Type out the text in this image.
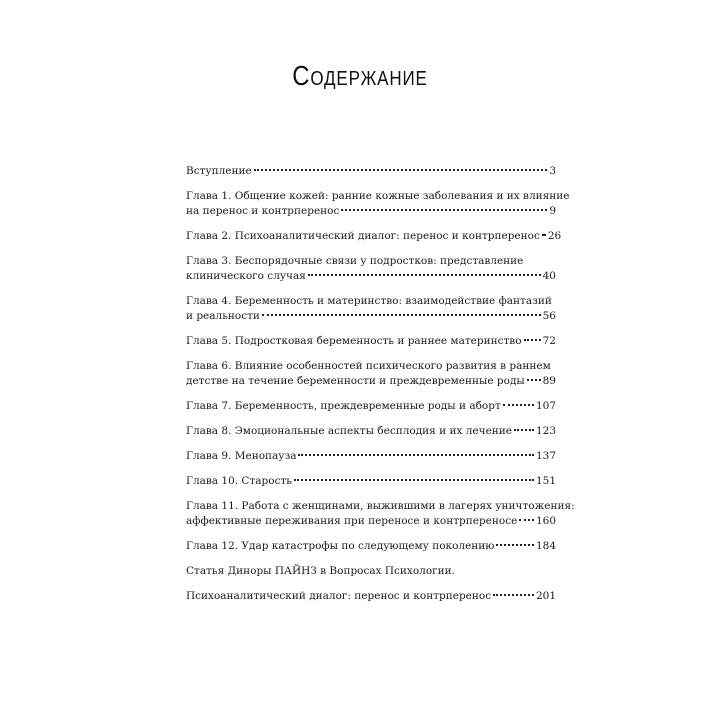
Содержание
Вступление	3
Глава 1. Общение кожей: ранние кожные заболевания и их влияние
на перенос и контрперенос	9
Глава 2. Психоаналитический диалог: перенос и контрперенос 26
Глава 3. Беспорядочные связи у подростков: представление
клинического случая	40
Глава 4. Беременность и материнство: взаимодействие фантазий
и реальности	56
Глава 5. Подростковая беременность и раннее материнство 72
Глава 6. Влияние особенностей психического развития в раннем
детстве на течение беременности и преждевременные роды 89
Глава 7. Беременность, преждевременные роды и аборт	107
Глава 8. Эмоциональные аспекты бесплодия и их лечение 123
Глава 9. Менопауза	137
Глава 10. Старость	151
Глава 11. Работа с женщинами, выжившими в лагерях уничтожения:
аффективные переживания при переносе и контрпереносе 160
Глава 12. Удар катастрофы по следующему поколению	184
Статья Диноры ПАЙНЗ в Вопросах Психологии.
Психоаналитический диалог: перенос и контрперенос	201
